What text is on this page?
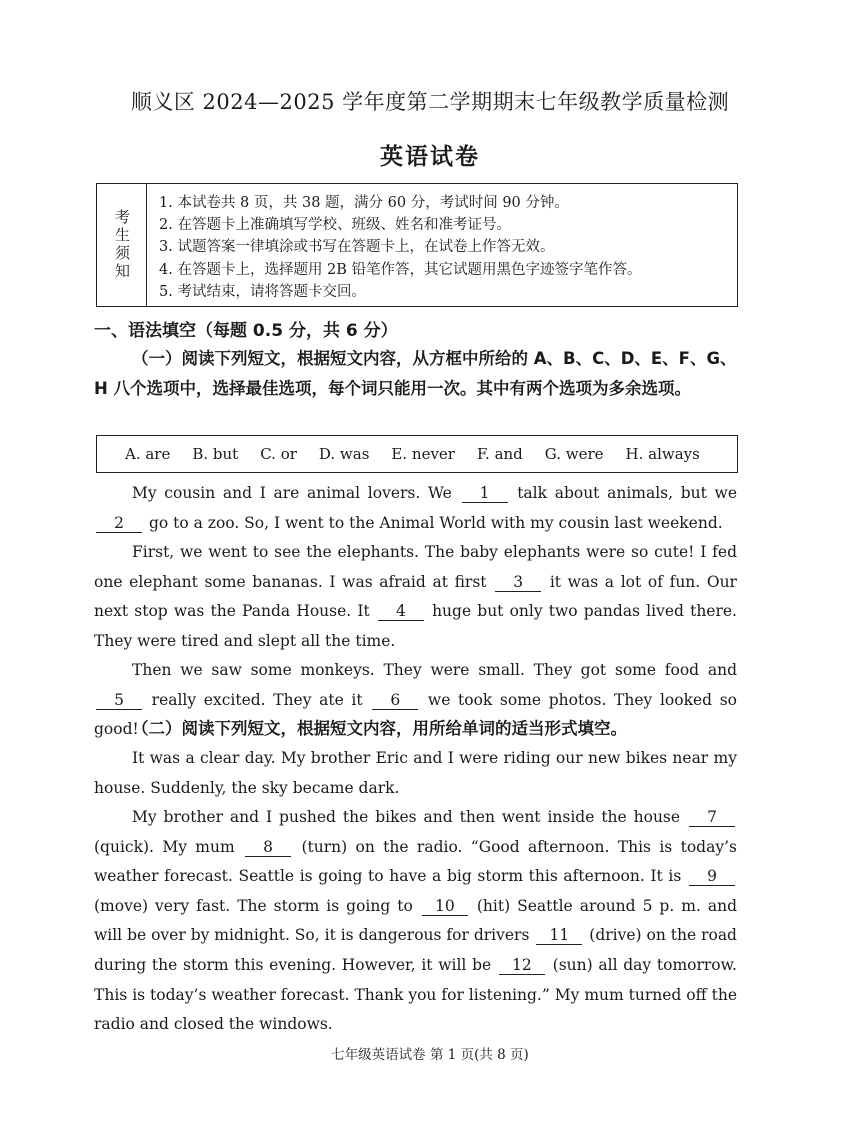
顺义区 2024—2025 学年度第二学期期末七年级教学质量检测
英语试卷
考生须知
1. 本试卷共 8 页，共 38 题，满分 60 分，考试时间 90 分钟。
2. 在答题卡上准确填写学校、班级、姓名和准考证号。
3. 试题答案一律填涂或书写在答题卡上，在试卷上作答无效。
4. 在答题卡上，选择题用 2B 铅笔作答，其它试题用黑色字迹签字笔作答。
5. 考试结束，请将答题卡交回。
一、语法填空（每题 0.5 分，共 6 分）
（一）阅读下列短文，根据短文内容，从方框中所给的 A、B、C、D、E、F、G、H 八个选项中，选择最佳选项，每个词只能用一次。其中有两个选项为多余选项。
A. are B. but C. or D. was E. never F. and G. were H. always
My cousin and I are animal lovers. We 1 talk about animals, but we 2 go to a zoo. So, I went to the Animal World with my cousin last weekend.
First, we went to see the elephants. The baby elephants were so cute! I fed one elephant some bananas. I was afraid at first 3 it was a lot of fun. Our next stop was the Panda House. It 4 huge but only two pandas lived there. They were tired and slept all the time.
Then we saw some monkeys. They were small. They got some food and 5 really excited. They ate it 6 we took some photos. They looked so good!
（二）阅读下列短文，根据短文内容，用所给单词的适当形式填空。
It was a clear day. My brother Eric and I were riding our new bikes near my house. Suddenly, the sky became dark.
My brother and I pushed the bikes and then went inside the house 7 (quick). My mum 8 (turn) on the radio. “Good afternoon. This is today’s weather forecast. Seattle is going to have a big storm this afternoon. It is 9 (move) very fast. The storm is going to 10 (hit) Seattle around 5 p. m. and will be over by midnight. So, it is dangerous for drivers 11 (drive) on the road during the storm this evening. However, it will be 12 (sun) all day tomorrow. This is today’s weather forecast. Thank you for listening.” My mum turned off the radio and closed the windows.
七年级英语试卷 第 1 页(共 8 页)
